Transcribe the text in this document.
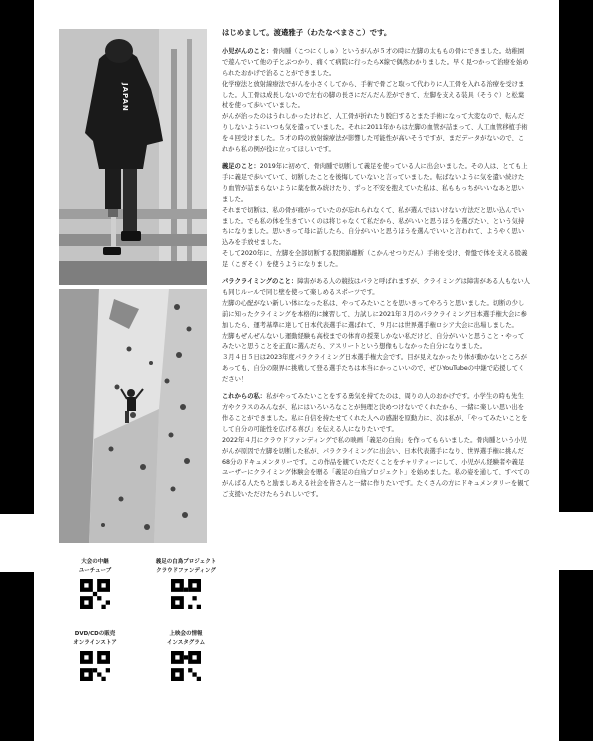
JAPAN
大会の中継
ユーチューブ
義足の白鳥プロジェクト
クラウドファンディング
DVD/CDの販売
オンラインストア
上映会の情報
インスタグラム

はじめまして。渡邉雅子（わたなべまさこ）です。

小児がんのこと：骨肉腫（こつにくしゅ）というがんが５才の時に左脚の太ももの骨にできました。幼稚園で遊んでいて他の子とぶつかり、痛くて病院に行ったらX線で偶然わかりました。早く見つかって治療を始められたおかげで治ることができました。

化学療法と放射線療法でがんを小さくしてから、手術で骨ごと取って代わりに人工骨を入れる治療を受けました。人工骨は成長しないので左右の脚の長さにだんだん差ができて、左脚を支える装具（そうぐ）と松葉杖を使って歩いていました。

がんが治ったのはうれしかったけれど、人工骨が折れたり脱臼するとまた手術になって大変なので、転んだりしないようにいつも気を遣っていました。それに2011年からは左脚の血管が詰まって、人工血管移植手術を４回受けました。５才の時の放射線療法が影響した可能性が高いそうですが、まだデータがないので、これから私の例が役に立ってほしいです。

義足のこと：2019年に初めて、骨肉腫で切断して義足を使っている人に出会いました。その人は、とても上手に義足で歩いていて、切断したことを後悔していないと言っていました。転ばないように気を遣い続けたり血管が詰まらないように薬を飲み続けたり、ずっと不安を抱えていた私は、私ももっちがいいなあと思いました。

それまで切断は、私の骨が痛がっていたのが忘れられなくて、私が選んではいけない方法だと思い込んでいました。でも私の体を生きていくのは将じゃなくて私だから、私がいいと思うほうを選びたい、という気持ちになりました。思いきって母に話したら、自分がいいと思うほうを選んでいいと言われて、ようやく思い込みを手放せました。

そして2020年に、左脚を全部切断する股関節離断（こかんせつりだん）手術を受け、骨盤で体を支える股義足（こぎそく）を使うようになりました。

パラクライミングのこと：障害がある人の競技はパラと呼ばれますが、クライミングは障害がある人もない人も同じルールで同じ壁を使って楽しめるスポーツです。

左脚の心配がない新しい体になった私は、やってみたいことを思いきってやろうと思いました。切断の少し前に知ったクライミングを本格的に練習して、力試しに2021年３月のパラクライミング日本選手権大会に参加したら、運考基準に達して日本代表選手に選ばれて、９月には世界選手権ロシア大会に出場しました。

左脚もぜんぜんないし運動経験も高校までの体育の授業しかない私だけど、自分がいいと思うこと・やってみたいと思うことを正直に選んだら、アスリートという想像もしなかった自分になりました。

３月４日５日は2023年度パラクライミング日本選手権大会です。目が見えなかったり体が動かないところがあっても、自分の限界に挑戦して登る選手たちは本当にかっこいいので、ぜひYouTubeの中継で応援してください！

これからの私：私がやってみたいことをする勇気を持てたのは、周りの人のおかげです。小学生の時も先生方やクラスのみんなが、私にはいろいろなことが無理と決めつけないでくれたから、一緒に楽しい思い出を作ることができました。私に自信を持たせてくれた人への感謝を原動力に、次は私が、「やってみたいことをして自分の可能性を広げる喜び」を伝える人になりたいです。

2022年４月にクラウドファンディングで私の映画「義足の白鳥」を作ってもらいました。骨肉腫という小児がんが原因で左脚を切断した私が、パラクライミングに出会い、日本代表選手になり、世界選手権に挑んだ68分のドキュメンタリーです。この作品を観ていただくことをチャリティーにして、小児がん経験者や義足ユーザーにクライミング体験会を贈る「義足の白鳥プロジェクト」を始めました。私の姿を通して、すべてのがんばる人たちと励ましあえる社会を皆さんと一緒に作りたいです。たくさんの方にドキュメンタリーを観てご支援いただけたらうれしいです。
